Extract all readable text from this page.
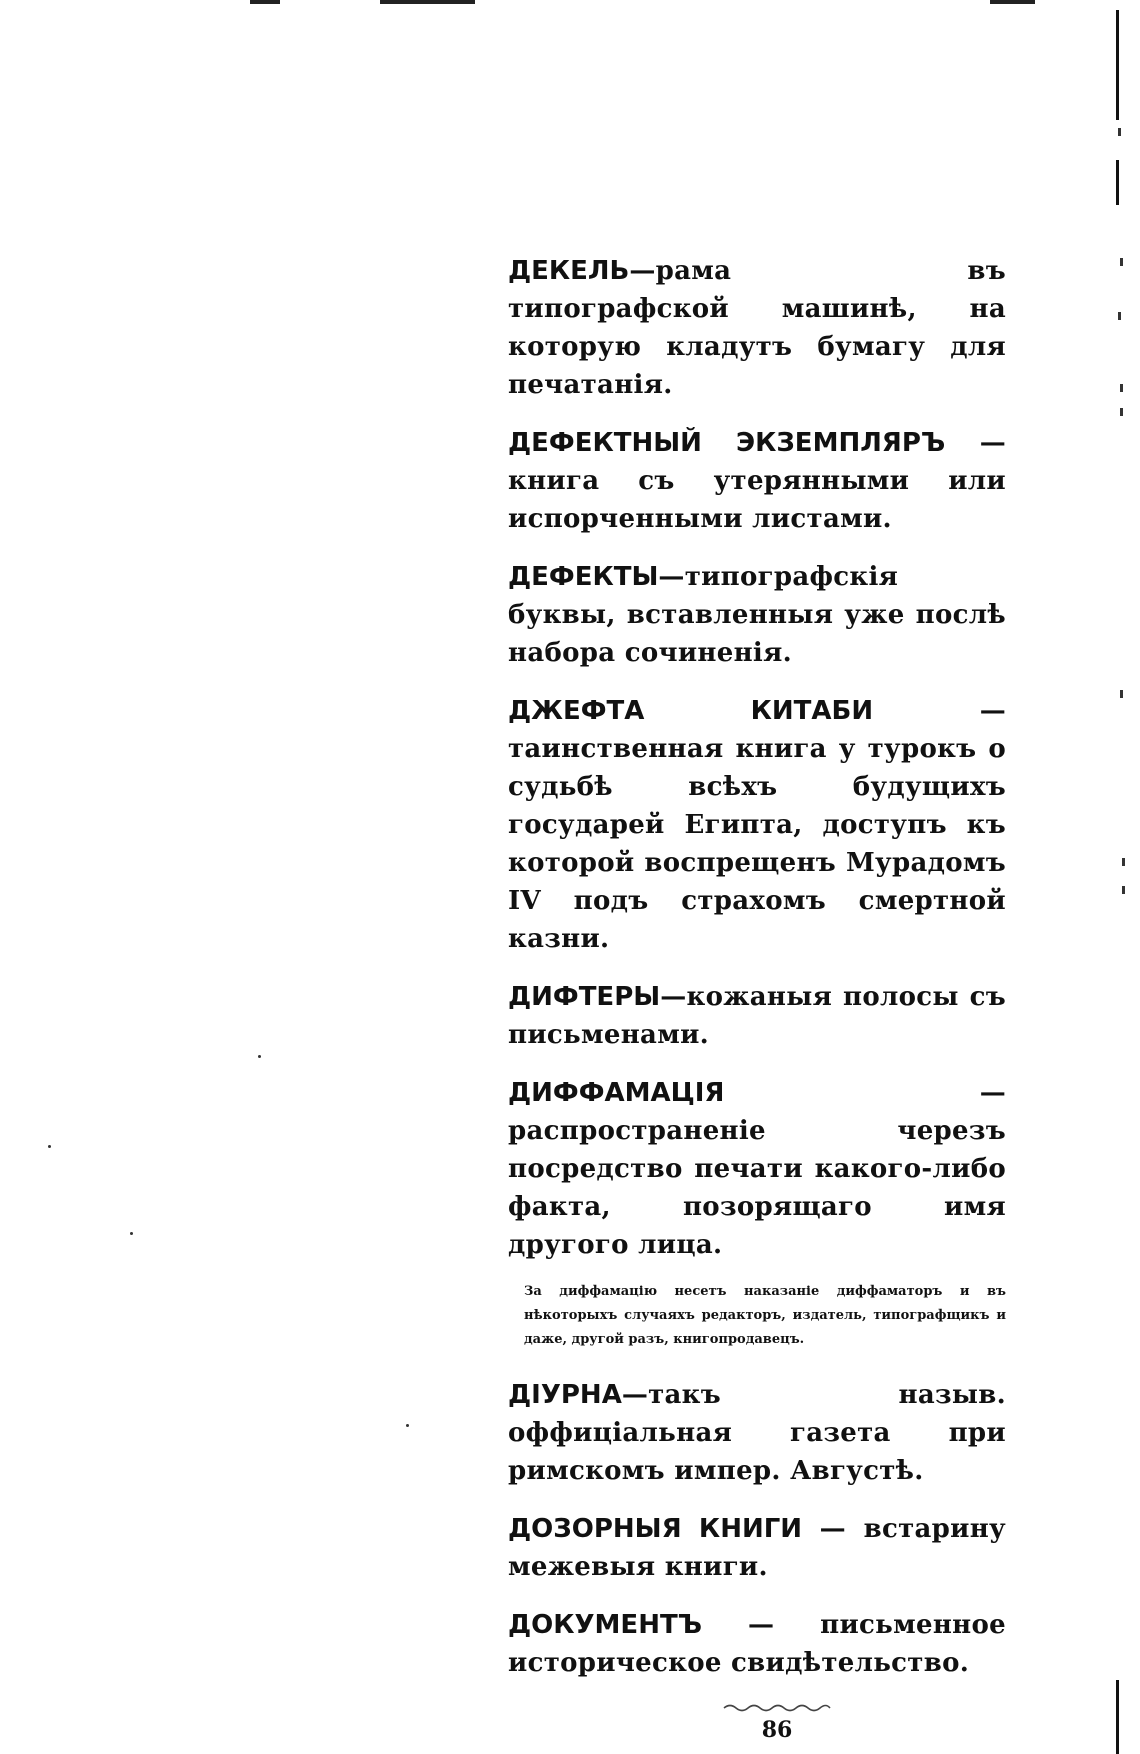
ДЕКЕЛЬ—рама въ типографской машинѣ, на которую кладутъ бумагу для печатанія.

ДЕФЕКТНЫЙ ЭКЗЕМПЛЯРЪ — книга съ утерянными или испорченными листами.

ДЕФЕКТЫ—типографскія буквы, вставленныя уже послѣ набора сочиненія.

ДЖЕФТА КИТАБИ — таинственная книга у турокъ о судьбѣ всѣхъ будущихъ государей Египта, доступъ къ которой воспрещенъ Мурадомъ IV подъ страхомъ смертной казни.

ДИФТЕРЫ—кожаныя полосы съ письменами.

ДИФФАМАЦІЯ — распространеніе черезъ посредство печати какого-либо факта, позорящаго имя другого лица.

За диффамацію несетъ наказаніе диффаматоръ и въ нѣкоторыхъ случаяхъ редакторъ, издатель, типографщикъ и даже, другой разъ, книгопродавецъ.

ДІУРНА—такъ назыв. оффиціальная газета при римскомъ импер. Августѣ.

ДОЗОРНЫЯ КНИГИ — встарину межевыя книги.

ДОКУМЕНТЪ — письменное историческое свидѣтельство.

86
